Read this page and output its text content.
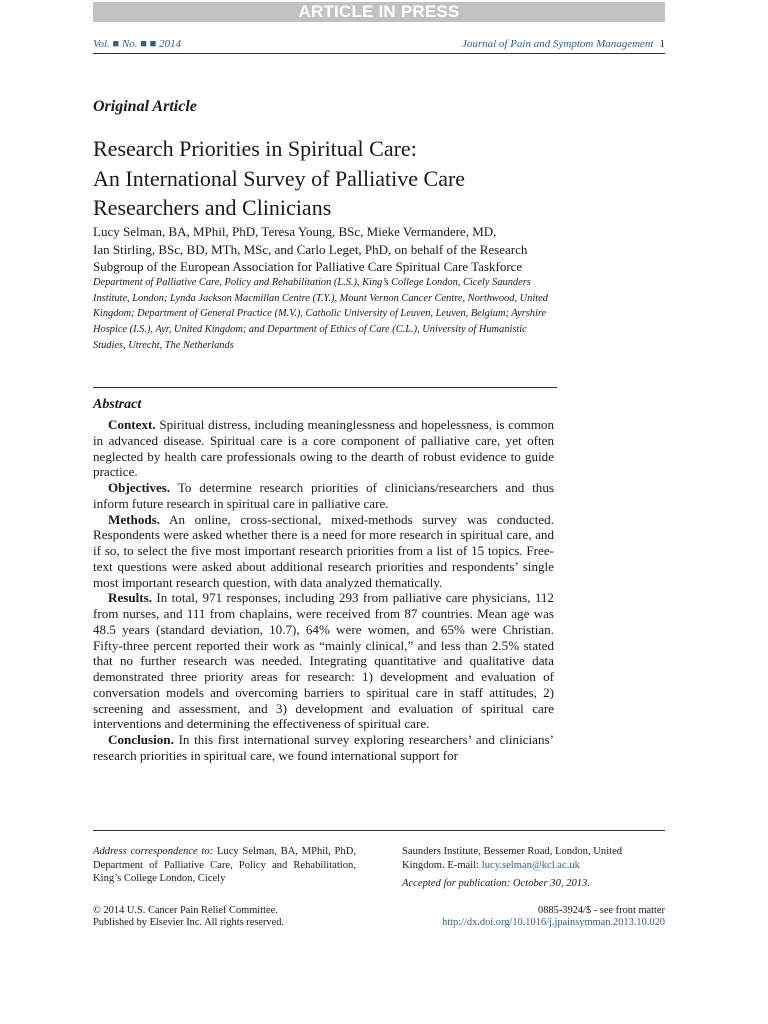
ARTICLE IN PRESS
Vol. ■ No. ■ ■ 2014	Journal of Pain and Symptom Management 1
Original Article
Research Priorities in Spiritual Care:
An International Survey of Palliative Care
Researchers and Clinicians
Lucy Selman, BA, MPhil, PhD, Teresa Young, BSc, Mieke Vermandere, MD,
Ian Stirling, BSc, BD, MTh, MSc, and Carlo Leget, PhD, on behalf of the Research
Subgroup of the European Association for Palliative Care Spiritual Care Taskforce
Department of Palliative Care, Policy and Rehabilitation (L.S.), King’s College London, Cicely Saunders Institute, London; Lynda Jackson Macmillan Centre (T.Y.), Mount Vernon Cancer Centre, Northwood, United Kingdom; Department of General Practice (M.V.), Catholic University of Leuven, Leuven, Belgium; Ayrshire Hospice (I.S.), Ayr, United Kingdom; and Department of Ethics of Care (C.L.), University of Humanistic Studies, Utrecht, The Netherlands
Abstract

Context. Spiritual distress, including meaninglessness and hopelessness, is common in advanced disease. Spiritual care is a core component of palliative care, yet often neglected by health care professionals owing to the dearth of robust evidence to guide practice.

Objectives. To determine research priorities of clinicians/researchers and thus inform future research in spiritual care in palliative care.

Methods. An online, cross-sectional, mixed-methods survey was conducted. Respondents were asked whether there is a need for more research in spiritual care, and if so, to select the five most important research priorities from a list of 15 topics. Free-text questions were asked about additional research priorities and respondents’ single most important research question, with data analyzed thematically.

Results. In total, 971 responses, including 293 from palliative care physicians, 112 from nurses, and 111 from chaplains, were received from 87 countries. Mean age was 48.5 years (standard deviation, 10.7), 64% were women, and 65% were Christian. Fifty-three percent reported their work as “mainly clinical,” and less than 2.5% stated that no further research was needed. Integrating quantitative and qualitative data demonstrated three priority areas for research: 1) development and evaluation of conversation models and overcoming barriers to spiritual care in staff attitudes, 2) screening and assessment, and 3) development and evaluation of spiritual care interventions and determining the effectiveness of spiritual care.

Conclusion. In this first international survey exploring researchers’ and clinicians’ research priorities in spiritual care, we found international support for

Address correspondence to: Lucy Selman, BA, MPhil, PhD, Department of Palliative Care, Policy and Rehabilitation, King’s College London, Cicely
Saunders Institute, Bessemer Road, London, United Kingdom. E-mail: lucy.selman@kcl.ac.uk
Accepted for publication: October 30, 2013.
© 2014 U.S. Cancer Pain Relief Committee.
Published by Elsevier Inc. All rights reserved.
0885-3924/$ - see front matter
http://dx.doi.org/10.1016/j.jpainsymman.2013.10.020
